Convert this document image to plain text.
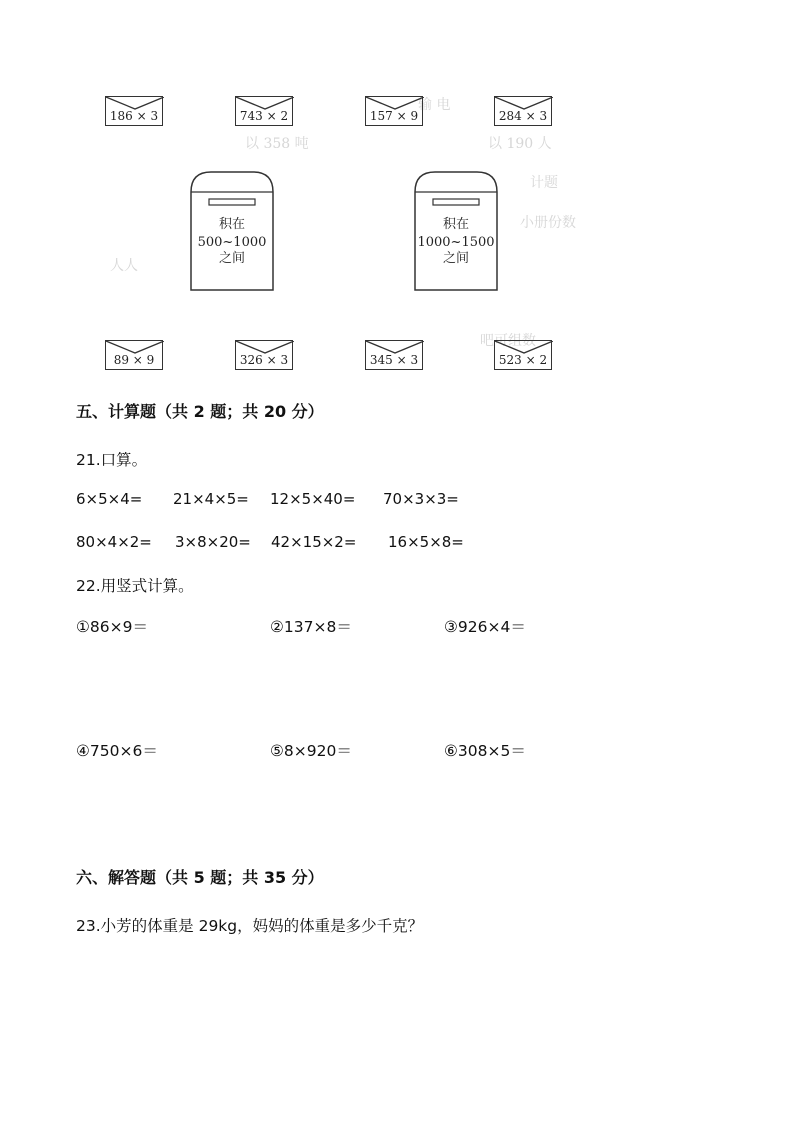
输 电
以 358 吨	以 190 人
计题
小册份数
人人
吧可组数
186 × 3	743 × 2	157 × 9	284 × 3
积在
500~1000
之间
积在
1000~1500
之间
89 × 9	326 × 3	345 × 3	523 × 2
五、计算题（共 2 题；共 20 分）
21.口算。
6×5×4= 21×4×5= 12×5×40= 70×3×3=
80×4×2= 3×8×20= 42×15×2= 16×5×8=
22.用竖式计算。
①86×9＝	②137×8＝	③926×4＝
④750×6＝	⑤8×920＝	⑥308×5＝
六、解答题（共 5 题；共 35 分）
23.小芳的体重是 29kg，妈妈的体重是多少千克？
